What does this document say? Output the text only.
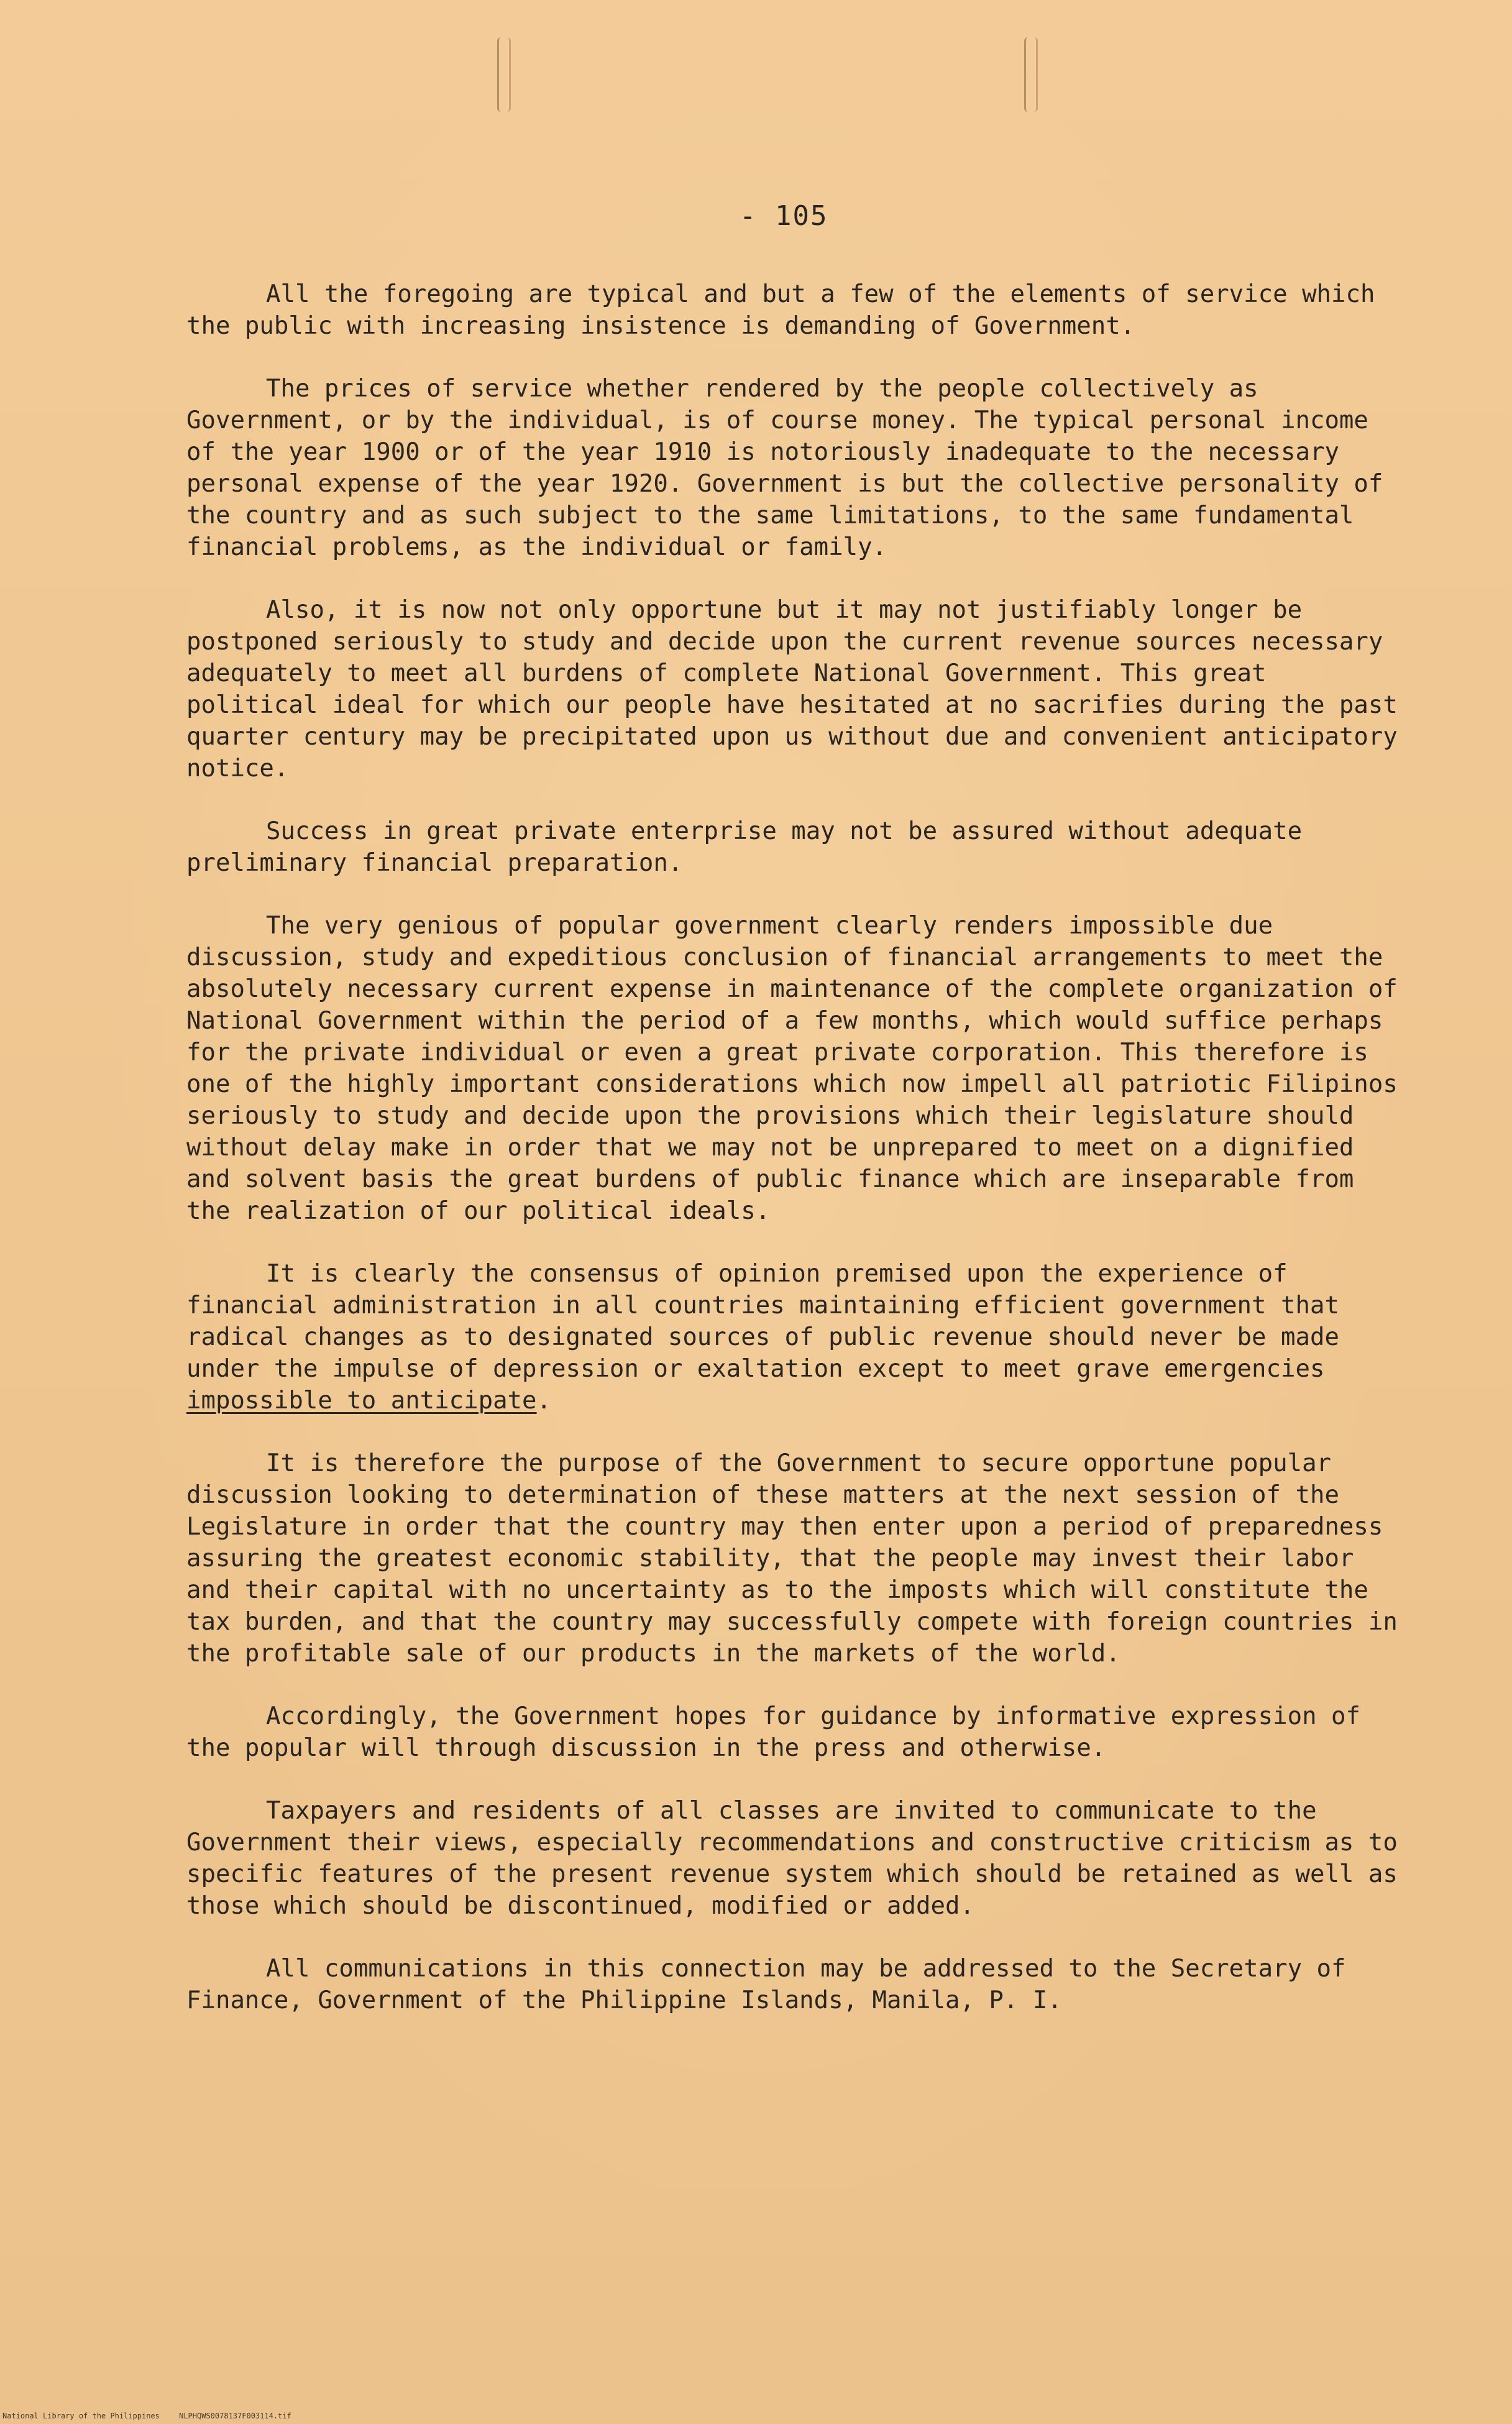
- 105

All the foregoing are typical and but a few of the elements of service which the public with increasing insistence is demanding of Government.

The prices of service whether rendered by the people collectively as Government, or by the individual, is of course money. The typical personal income of the year 1900 or of the year 1910 is notoriously inadequate to the necessary personal expense of the year 1920. Government is but the collective personality of the country and as such subject to the same limitations, to the same fundamental financial problems, as the individual or family.

Also, it is now not only opportune but it may not justifiably longer be postponed seriously to study and decide upon the current revenue sources necessary adequately to meet all burdens of complete National Government. This great political ideal for which our people have hesitated at no sacrifies during the past quarter century may be precipitated upon us without due and convenient anticipatory notice.

Success in great private enterprise may not be assured without adequate preliminary financial preparation.

The very genious of popular government clearly renders impossible due discussion, study and expeditious conclusion of financial arrangements to meet the absolutely necessary current expense in maintenance of the complete organization of National Government within the period of a few months, which would suffice perhaps for the private individual or even a great private corporation. This therefore is one of the highly important considerations which now impell all patriotic Filipinos seriously to study and decide upon the provisions which their legislature should without delay make in order that we may not be unprepared to meet on a dignified and solvent basis the great burdens of public finance which are inseparable from the realization of our political ideals.

It is clearly the consensus of opinion premised upon the experience of financial administration in all countries maintaining efficient government that radical changes as to designated sources of public revenue should never be made under the impulse of depression or exaltation except to meet grave emergencies impossible to anticipate.

It is therefore the purpose of the Government to secure opportune popular discussion looking to determination of these matters at the next session of the Legislature in order that the country may then enter upon a period of preparedness assuring the greatest economic stability, that the people may invest their labor and their capital with no uncertainty as to the imposts which will constitute the tax burden, and that the country may successfully compete with foreign countries in the profitable sale of our products in the markets of the world.

Accordingly, the Government hopes for guidance by informative expression of the popular will through discussion in the press and otherwise.

Taxpayers and residents of all classes are invited to communicate to the Government their views, especially recommendations and constructive criticism as to specific features of the present revenue system which should be retained as well as those which should be discontinued, modified or added.

All communications in this connection may be addressed to the Secretary of Finance, Government of the Philippine Islands, Manila, P. I.

National Library of the Philippines	NLPHQWS0078137F003114.tif
